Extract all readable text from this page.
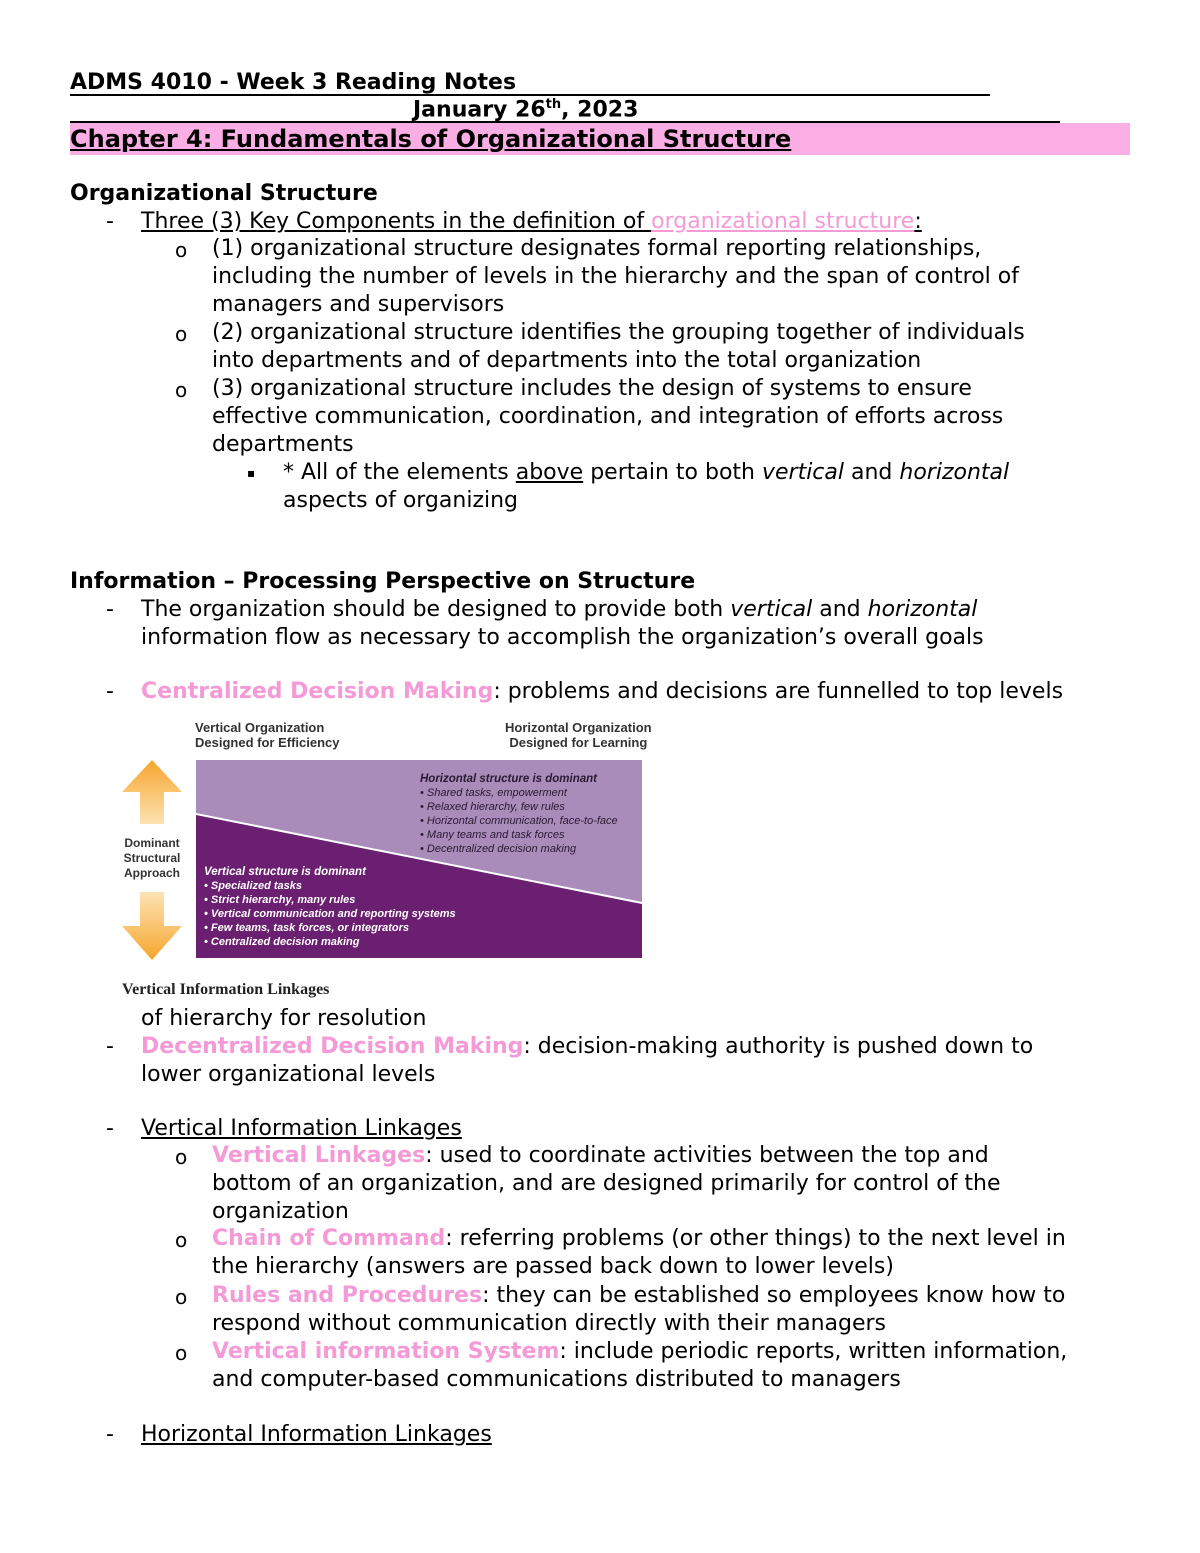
ADMS 4010 - Week 3 Reading Notes
January 26th, 2023
Chapter 4: Fundamentals of Organizational Structure
Organizational Structure
- Three (3) Key Components in the definition of organizational structure:
o (1) organizational structure designates formal reporting relationships,
including the number of levels in the hierarchy and the span of control of
managers and supervisors
o (2) organizational structure identifies the grouping together of individuals
into departments and of departments into the total organization
o (3) organizational structure includes the design of systems to ensure
effective communication, coordination, and integration of efforts across
departments
▪ * All of the elements above pertain to both vertical and horizontal
aspects of organizing
Information – Processing Perspective on Structure
- The organization should be designed to provide both vertical and horizontal
information flow as necessary to accomplish the organization’s overall goals
- Centralized Decision Making: problems and decisions are funnelled to top levels
Vertical Organization
Designed for Efficiency
Horizontal Organization
Designed for Learning
Dominant
Structural
Approach
Horizontal structure is dominant
• Shared tasks, empowerment
• Relaxed hierarchy, few rules
• Horizontal communication, face-to-face
• Many teams and task forces
• Decentralized decision making
Vertical structure is dominant
• Specialized tasks
• Strict hierarchy, many rules
• Vertical communication and reporting systems
• Few teams, task forces, or integrators
• Centralized decision making
Vertical Information Linkages
of hierarchy for resolution
- Decentralized Decision Making: decision-making authority is pushed down to
lower organizational levels
- Vertical Information Linkages
o Vertical Linkages: used to coordinate activities between the top and
bottom of an organization, and are designed primarily for control of the
organization
o Chain of Command: referring problems (or other things) to the next level in
the hierarchy (answers are passed back down to lower levels)
o Rules and Procedures: they can be established so employees know how to
respond without communication directly with their managers
o Vertical information System: include periodic reports, written information,
and computer-based communications distributed to managers
- Horizontal Information Linkages
